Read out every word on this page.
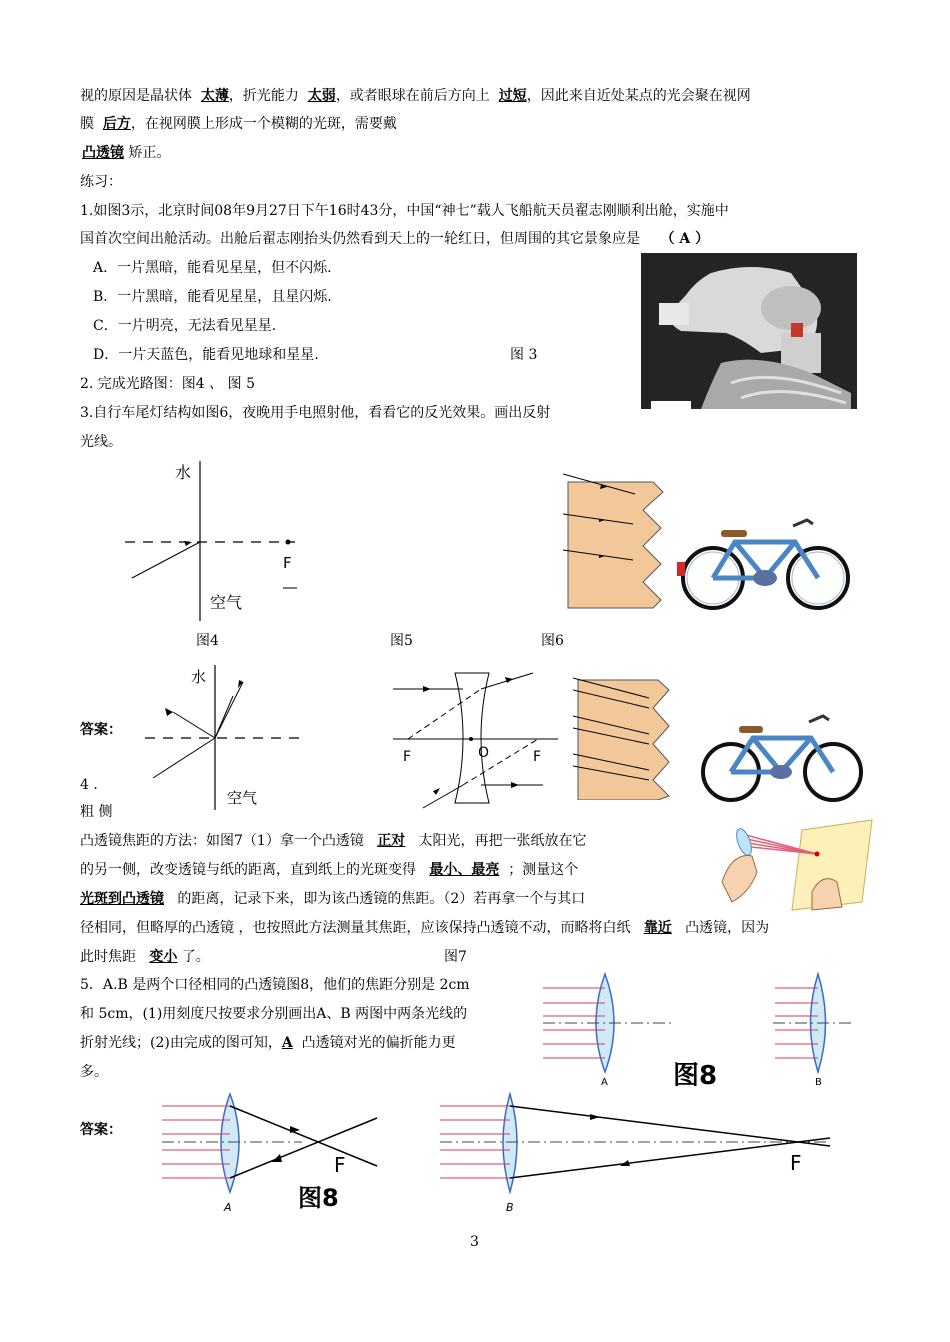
视的原因是晶状体 太薄，折光能力 太弱，或者眼球在前后方向上 过短，因此来自近处某点的光会聚在视网
膜 后方，在视网膜上形成一个模糊的光斑，需要戴
凸透镜 矫正。
练习：
1.如图3示，北京时间08年9月27日下午16时43分，中国“神七”载人飞船航天员翟志刚顺利出舱，实施中
国首次空间出舱活动。出舱后翟志刚抬头仍然看到天上的一轮红日，但周围的其它景象应是 （ A ）
A．一片黑暗，能看见星星，但不闪烁.
B．一片黑暗，能看见星星，且星闪烁.
C．一片明亮，无法看见星星.
D．一片天蓝色，能看见地球和星星.	图 3
2. 完成光路图：图4 、 图 5
3.自行车尾灯结构如图6，夜晚用手电照射他，看看它的反光效果。画出反射
光线。
水
空气
F
图4	图5	图6
答案：
水
空气
F	O	F
4 .
粗 侧
凸透镜焦距的方法：如图7（1）拿一个凸透镜 正对 太阳光，再把一张纸放在它
的另一侧，改变透镜与纸的距离，直到纸上的光斑变得 最小、最亮 ；测量这个
光斑到凸透镜 的距离，记录下来，即为该凸透镜的焦距。（2）若再拿一个与其口
径相同，但略厚的凸透镜 ，也按照此方法测量其焦距，应该保持凸透镜不动，而略将白纸 靠近 凸透镜，因为
此时焦距 变小 了。	图7
5．A.B 是两个口径相同的凸透镜图8，他们的焦距分别是 2cm
和 5cm，(1)用刻度尺按要求分别画出A、B 两图中两条光线的
折射光线；(2)由完成的图可知，A 凸透镜对光的偏折能力更
多。
A	图8	B
答案：
F
图8
A
F
B
3
